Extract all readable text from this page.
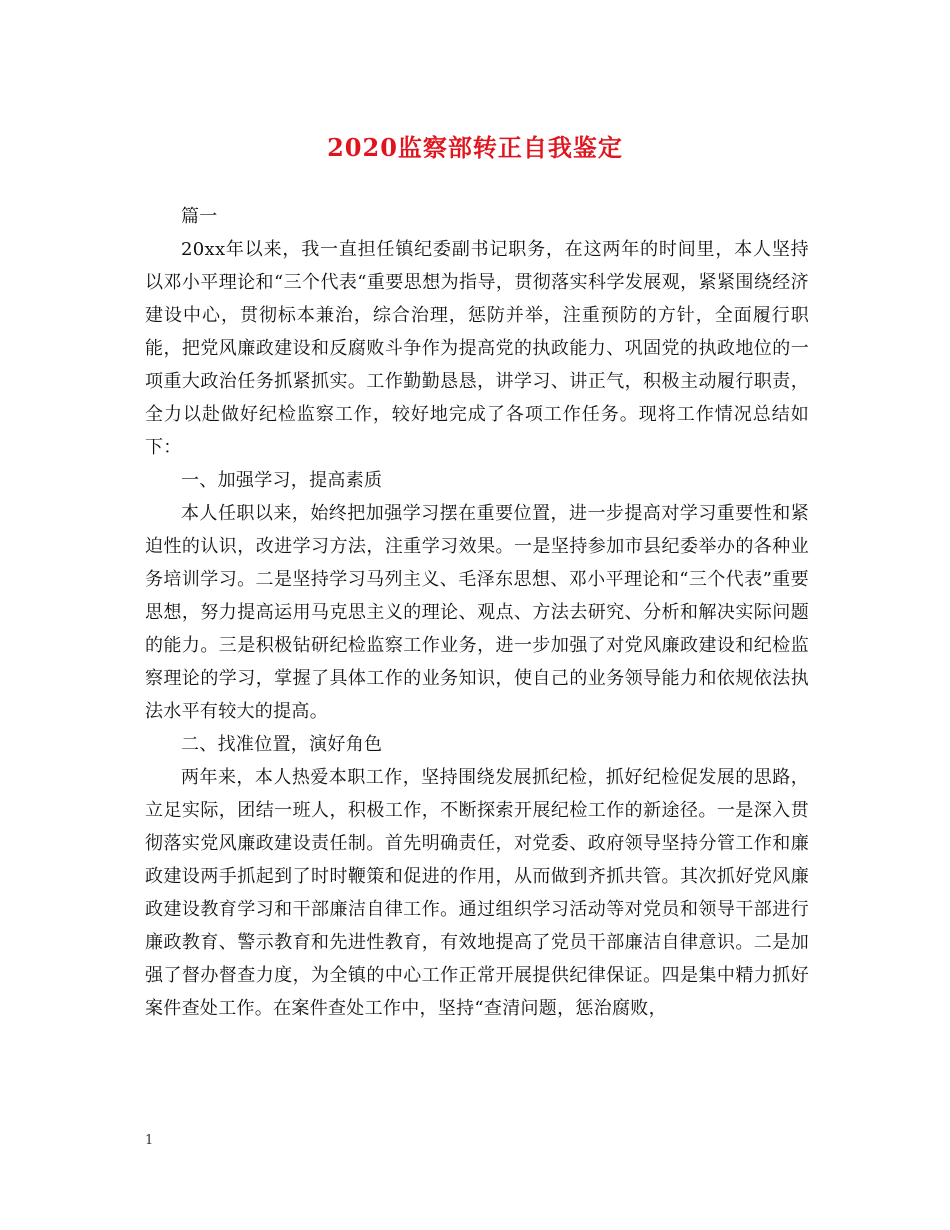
2020监察部转正自我鉴定

篇一

20xx年以来，我一直担任镇纪委副书记职务，在这两年的时间里，本人坚持以邓小平理论和“三个代表“重要思想为指导，贯彻落实科学发展观，紧紧围绕经济建设中心，贯彻标本兼治，综合治理，惩防并举，注重预防的方针，全面履行职能，把党风廉政建设和反腐败斗争作为提高党的执政能力、巩固党的执政地位的一项重大政治任务抓紧抓实。工作勤勤恳恳，讲学习、讲正气，积极主动履行职责，全力以赴做好纪检监察工作，较好地完成了各项工作任务。现将工作情况总结如下：

一、加强学习，提高素质

本人任职以来，始终把加强学习摆在重要位置，进一步提高对学习重要性和紧迫性的认识，改进学习方法，注重学习效果。一是坚持参加市县纪委举办的各种业务培训学习。二是坚持学习马列主义、毛泽东思想、邓小平理论和“三个代表”重要思想，努力提高运用马克思主义的理论、观点、方法去研究、分析和解决实际问题的能力。三是积极钻研纪检监察工作业务，进一步加强了对党风廉政建设和纪检监察理论的学习，掌握了具体工作的业务知识，使自己的业务领导能力和依规依法执法水平有较大的提高。

二、找准位置，演好角色

两年来，本人热爱本职工作，坚持围绕发展抓纪检，抓好纪检促发展的思路，立足实际，团结一班人，积极工作，不断探索开展纪检工作的新途径。一是深入贯彻落实党风廉政建设责任制。首先明确责任，对党委、政府领导坚持分管工作和廉政建设两手抓起到了时时鞭策和促进的作用，从而做到齐抓共管。其次抓好党风廉政建设教育学习和干部廉洁自律工作。通过组织学习活动等对党员和领导干部进行廉政教育、警示教育和先进性教育，有效地提高了党员干部廉洁自律意识。二是加强了督办督查力度，为全镇的中心工作正常开展提供纪律保证。四是集中精力抓好案件查处工作。在案件查处工作中，坚持“查清问题，惩治腐败，

1
